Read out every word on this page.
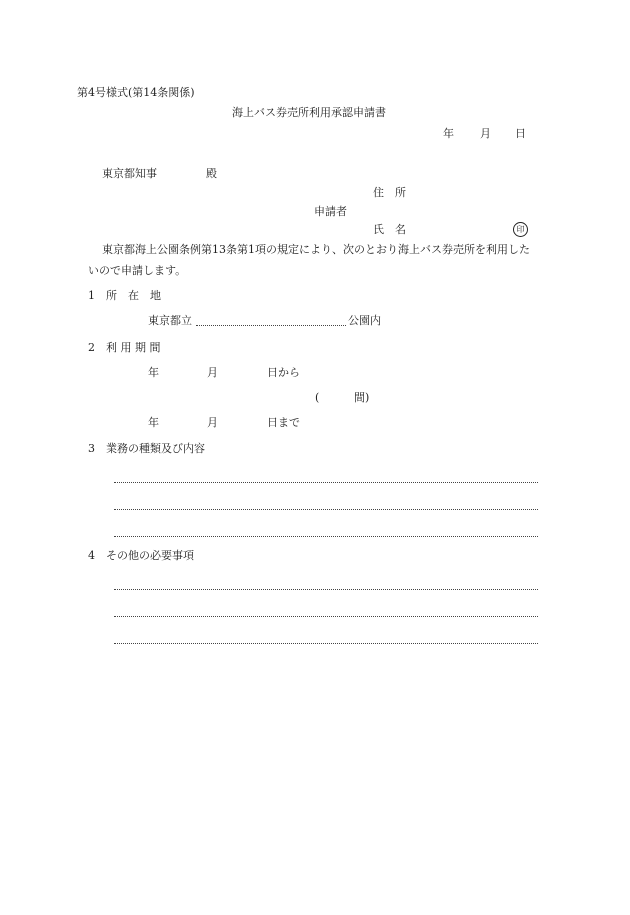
第4号様式(第14条関係)
海上バス券売所利用承認申請書
年 月 日
東京都知事	殿
住　所
申請者
氏　名	印
東京都海上公園条例第13条第1項の規定により、次のとおり海上バス券売所を利用した
いので申請します。
1 所　在　地
東京都立	公園内
2 利 用 期 間
年	月	日から
(	間)
年	月	日まで
3 業務の種類及び内容
4 その他の必要事項
